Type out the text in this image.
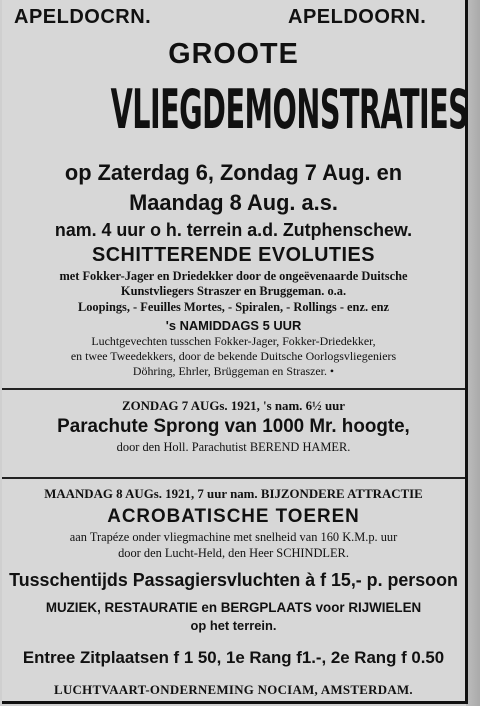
APELDOCRN.	APELDOORN.
GROOTE
VLIEGDEMONSTRATIES
op Zaterdag 6, Zondag 7 Aug. en
Maandag 8 Aug. a.s.
nam. 4 uur o h. terrein a.d. Zutphenschew.
SCHITTERENDE EVOLUTIES
met Fokker-Jager en Driedekker door de ongeëvenaarde Duitsche
Kunstvliegers Straszer en Bruggeman. o.a.
Loopings, - Feuilles Mortes, - Spiralen, - Rollings - enz. enz
's NAMIDDAGS 5 UUR
Luchtgevechten tusschen Fokker-Jager, Fokker-Driedekker,
en twee Tweedekkers, door de bekende Duitsche Oorlogsvliegeniers
Döhring, Ehrler, Brüggeman en Straszer. •
ZONDAG 7 AUGs. 1921, 's nam. 6½ uur
Parachute Sprong van 1000 Mr. hoogte,
door den Holl. Parachutist BEREND HAMER.
MAANDAG 8 AUGs. 1921, 7 uur nam. BIJZONDERE ATTRACTIE
ACROBATISCHE TOEREN
aan Trapéze onder vliegmachine met snelheid van 160 K.M.p. uur
door den Lucht-Held, den Heer SCHINDLER.
Tusschentijds Passagiersvluchten à f 15,- p. persoon
MUZIEK, RESTAURATIE en BERGPLAATS voor RIJWIELEN
op het terrein.
Entree Zitplaatsen f 1 50, 1e Rang f1.-, 2e Rang f 0.50
LUCHTVAART-ONDERNEMING NOCIAM, AMSTERDAM.
